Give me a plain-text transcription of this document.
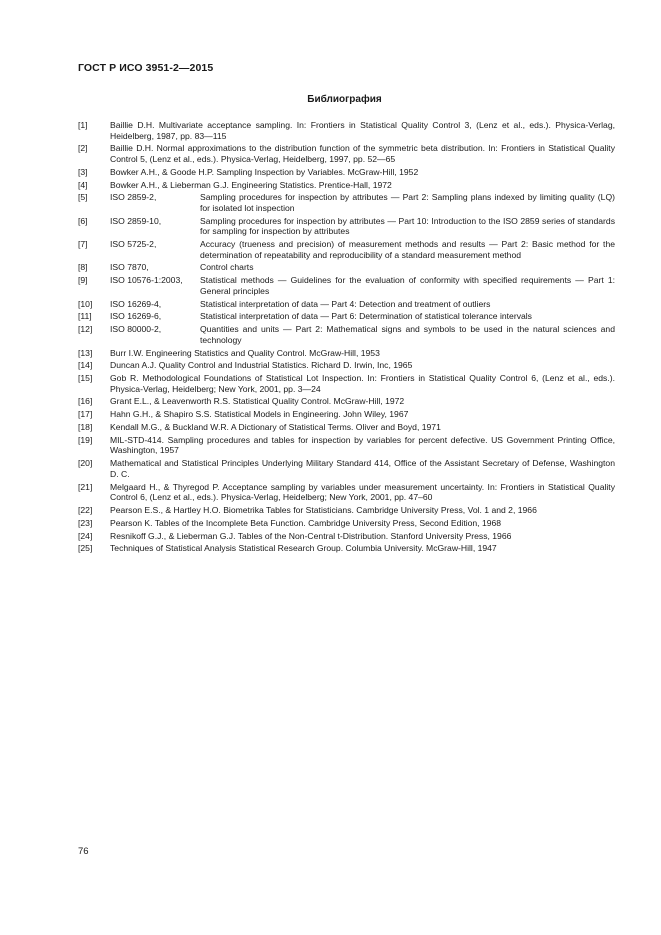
ГОСТ Р ИСО 3951-2—2015
Библиография
[1]	Baillie D.H. Multivariate acceptance sampling. In: Frontiers in Statistical Quality Control 3, (Lenz et al., eds.). Physica-Verlag, Heidelberg, 1987, pp. 83—115
[2]	Baillie D.H. Normal approximations to the distribution function of the symmetric beta distribution. In: Frontiers in Statistical Quality Control 5, (Lenz et al., eds.). Physica-Verlag, Heidelberg, 1997, pp. 52—65
[3]	Bowker A.H., & Goode H.P. Sampling Inspection by Variables. McGraw-Hill, 1952
[4]	Bowker A.H., & Lieberman G.J. Engineering Statistics. Prentice-Hall, 1972
[5]	ISO 2859-2,	Sampling procedures for inspection by attributes — Part 2: Sampling plans indexed by limiting quality (LQ) for isolated lot inspection
[6]	ISO 2859-10,	Sampling procedures for inspection by attributes — Part 10: Introduction to the ISO 2859 series of standards for sampling for inspection by attributes
[7]	ISO 5725-2,	Accuracy (trueness and precision) of measurement methods and results — Part 2: Basic method for the determination of repeatability and reproducibility of a standard measurement method
[8]	ISO 7870,	Control charts
[9]	ISO 10576-1:2003,	Statistical methods — Guidelines for the evaluation of conformity with specified requirements — Part 1: General principles
[10]	ISO 16269-4,	Statistical interpretation of data — Part 4: Detection and treatment of outliers
[11]	ISO 16269-6,	Statistical interpretation of data — Part 6: Determination of statistical tolerance intervals
[12]	ISO 80000-2,	Quantities and units — Part 2: Mathematical signs and symbols to be used in the natural sciences and technology
[13]	Burr I.W. Engineering Statistics and Quality Control. McGraw-Hill, 1953
[14]	Duncan A.J. Quality Control and Industrial Statistics. Richard D. Irwin, Inc, 1965
[15]	Gob R. Methodological Foundations of Statistical Lot Inspection. In: Frontiers in Statistical Quality Control 6, (Lenz et al., eds.). Physica-Verlag, Heidelberg; New York, 2001, pp. 3—24
[16]	Grant E.L., & Leavenworth R.S. Statistical Quality Control. McGraw-Hill, 1972
[17]	Hahn G.H., & Shapiro S.S. Statistical Models in Engineering. John Wiley, 1967
[18]	Kendall M.G., & Buckland W.R. A Dictionary of Statistical Terms. Oliver and Boyd, 1971
[19]	MIL-STD-414. Sampling procedures and tables for inspection by variables for percent defective. US Government Printing Office, Washington, 1957
[20]	Mathematical and Statistical Principles Underlying Military Standard 414, Office of the Assistant Secretary of Defense, Washington D. C.
[21]	Melgaard H., & Thyregod P. Acceptance sampling by variables under measurement uncertainty. In: Frontiers in Statistical Quality Control 6, (Lenz et al., eds.). Physica-Verlag, Heidelberg; New York, 2001, pp. 47–60
[22]	Pearson E.S., & Hartley H.O. Biometrika Tables for Statisticians. Cambridge University Press, Vol. 1 and 2, 1966
[23]	Pearson K. Tables of the Incomplete Beta Function. Cambridge University Press, Second Edition, 1968
[24]	Resnikoff G.J., & Lieberman G.J. Tables of the Non-Central t-Distribution. Stanford University Press, 1966
[25]	Techniques of Statistical Analysis Statistical Research Group. Columbia University. McGraw-Hill, 1947
76
